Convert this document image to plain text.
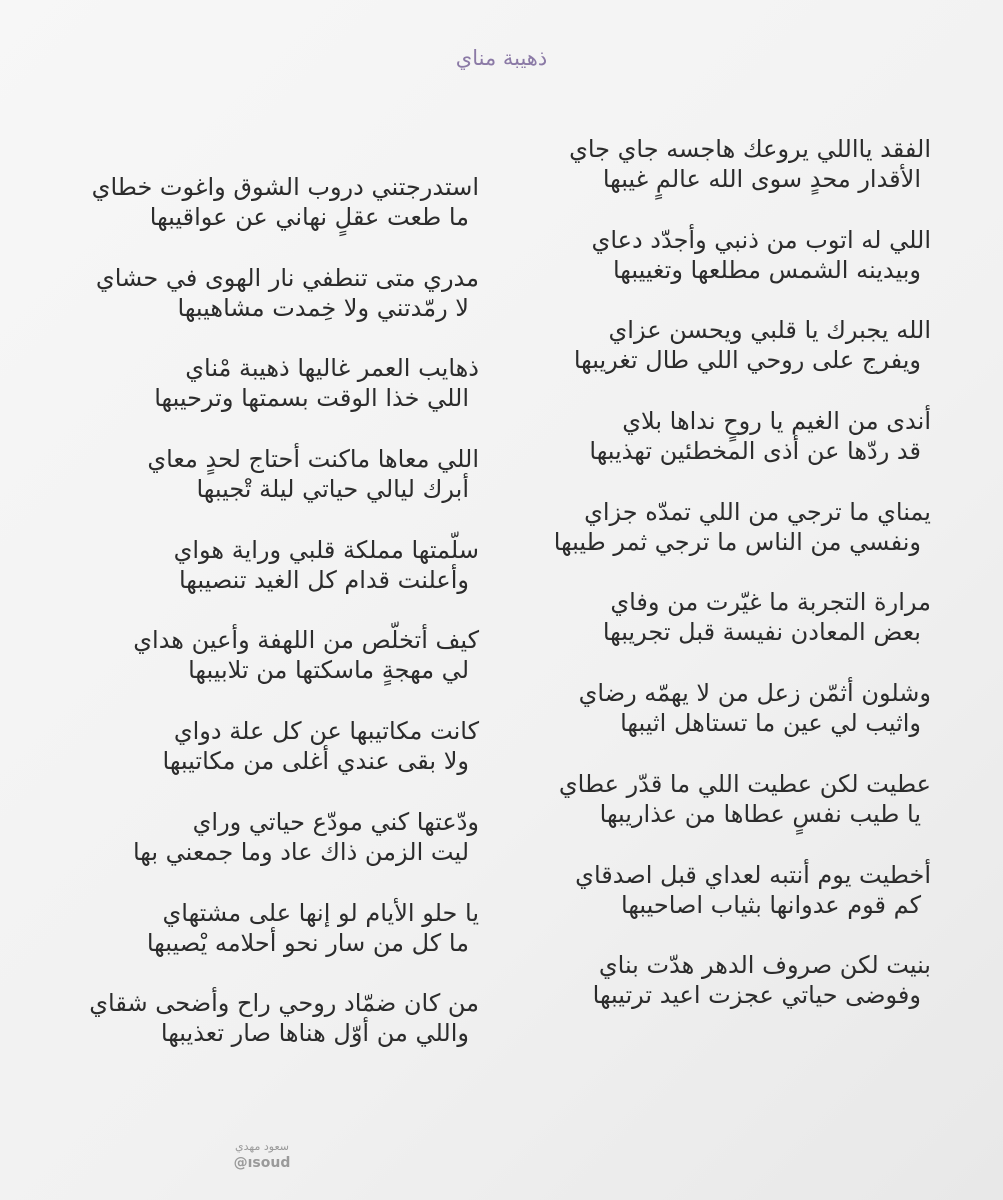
ذهيبة مناي
الفقد يااللي يروعك هاجسه جاي جاي
الأقدار محدٍ سوى الله عالمٍ غيبها
اللي له اتوب من ذنبي وأجدّد دعاي
وبيدينه الشمس مطلعها وتغييبها
الله يجبرك يا قلبي ويحسن عزاي
ويفرج على روحي اللي طال تغريبها
أندى من الغيم يا روحٍ نداها بلاي
قد ردّها عن أذى المخطئين تهذيبها
يمناي ما ترجي من اللي تمدّه جزاي
ونفسي من الناس ما ترجي ثمر طيبها
مرارة التجربة ما غيّرت من وفاي
بعض المعادن نفيسة قبل تجريبها
وشلون أثمّن زعل من لا يهمّه رضاي
واثيب لي عين ما تستاهل اثيبها
عطيت لكن عطيت اللي ما قدّر عطاي
يا طيب نفسٍ عطاها من عذاريبها
أخطيت يوم أنتبه لعداي قبل اصدقاي
كم قوم عدوانها بثياب اصاحيبها
بنيت لكن صروف الدهر هدّت بناي
وفوضى حياتي عجزت اعيد ترتيبها
استدرجتني دروب الشوق واغوت خطاي
ما طعت عقلٍ نهاني عن عواقيبها
مدري متى تنطفي نار الهوى في حشاي
لا رمّدتني ولا خِمدت مشاهيبها
ذهايب العمر غاليها ذهيبة مْناي
اللي خذا الوقت بسمتها وترحيبها
اللي معاها ماكنت أحتاج لحدٍ معاي
أبرك ليالي حياتي ليلة تْجيبها
سلّمتها مملكة قلبي وراية هواي
وأعلنت قدام كل الغيد تنصيبها
كيف أتخلّص من اللهفة وأعين هداي
لي مهجةٍ ماسكتها من تلابيبها
كانت مكاتيبها عن كل علة دواي
ولا بقى عندي أغلى من مكاتيبها
ودّعتها كني مودّع حياتي وراي
ليت الزمن ذاك عاد وما جمعني بها
يا حلو الأيام لو إنها على مشتهاي
ما كل من سار نحو أحلامه يْصيبها
من كان ضمّاد روحي راح وأضحى شقاي
واللي من أوّل هناها صار تعذيبها
سعود مهدي
@ısoud
